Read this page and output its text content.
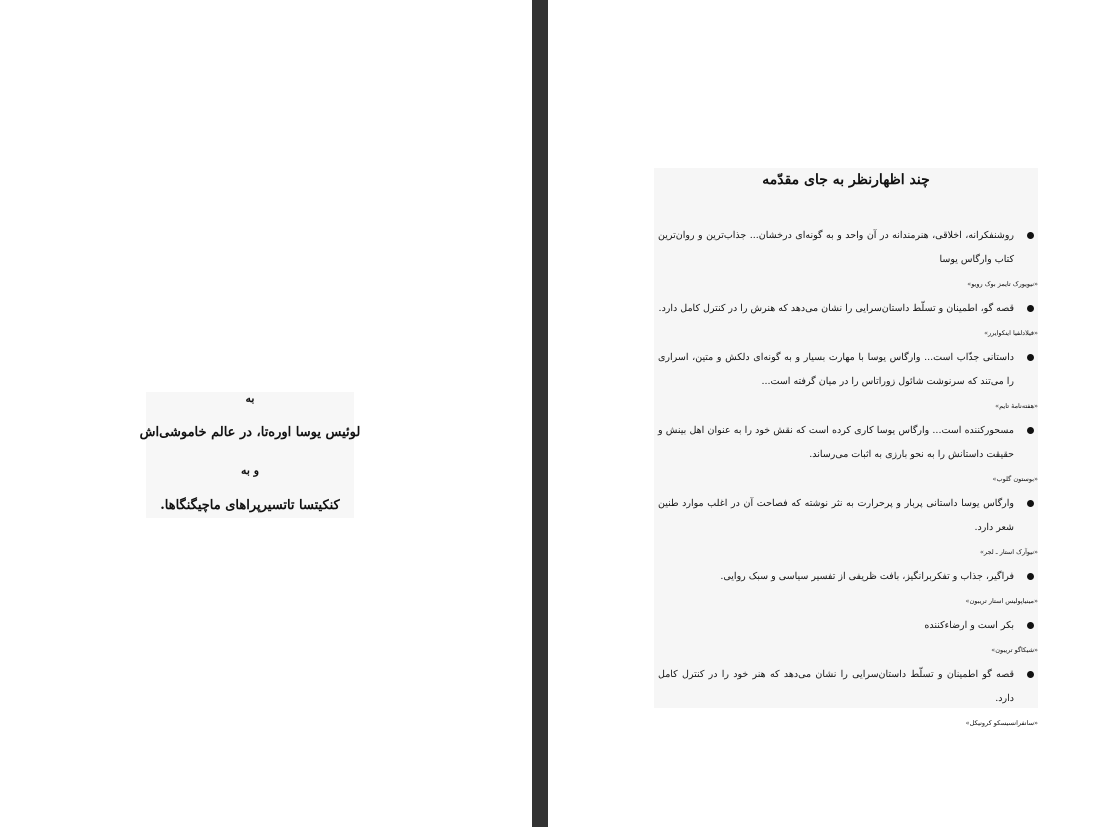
به
لوئیس یوسا اوره‌تا، در عالم خاموشی‌اش
و به
کنکیتسا تاتسیرپراهای ماچیگنگاها.
چند اظهارنظر به جای مقدّمه

روشنفکرانه، اخلاقی، هنرمندانه در آن واحد و به گونه‌ای درخشان... جذاب‌ترین و روان‌ترین کتاب وارگاس یوسا

«نیویورک تایمز بوک رویو»

قصه گو، اطمینان و تسلّط داستان‌سرایی را نشان می‌دهد که هنرش را در کنترل کامل دارد.

«فیلادلفیا اینکوایرر»

داستانی جذّاب است... وارگاس یوسا با مهارت بسیار و به گونه‌ای دلکش و متین، اسراری را می‌تند که سرنوشت شائول زوراتاس را در میان گرفته است...

«هفته‌نامهٔ تایم»

مسحورکننده است... وارگاس یوسا کاری کرده است که نقش خود را به عنوان اهل بینش و حقیقت داستانش را به نحو بارزی به اثبات می‌رساند.

«بوستون گلوب»

وارگاس یوسا داستانی پربار و پرحرارت به نثر نوشته که فصاحت آن در اغلب موارد طنین شعر دارد.

«نیوآرک استار ـ لجر»

فراگیر، جذاب و تفکربرانگیز، بافت ظریفی از تفسیر سیاسی و سبک روایی.

«مینیاپولیس استار تریبون»

بکر است و ارضاءکننده

«شیکاگو تریبون»

قصه گو اطمینان و تسلّط داستان‌سرایی را نشان می‌دهد که هنر خود را در کنترل کامل دارد.

«سانفرانسیسکو کرونیکل»
